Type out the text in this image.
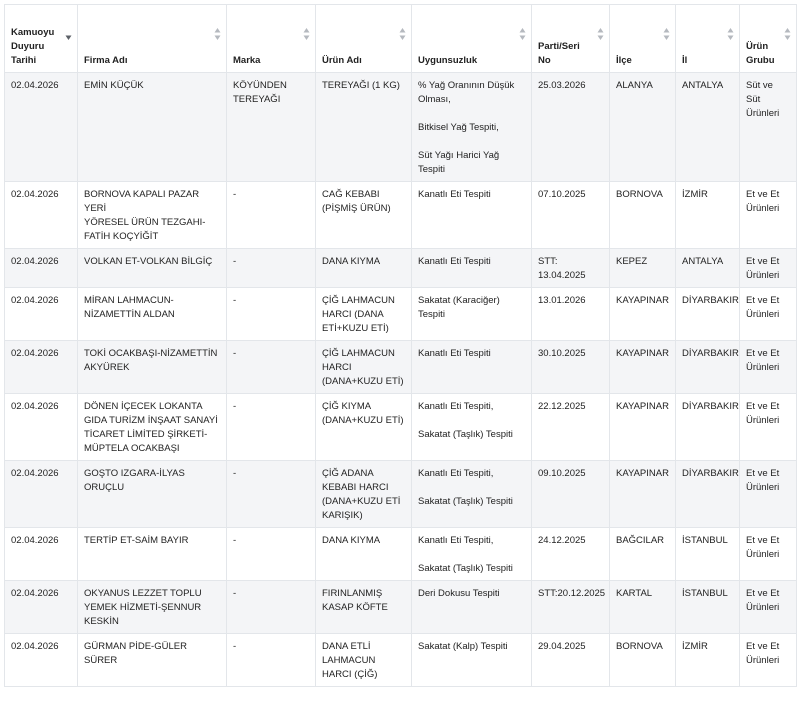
Kamuoyu
Duyuru
Tarihi	Firma Adı	Marka	Ürün Adı	Uygunsuzluk	Parti/Seri
No	İlçe	İl	Ürün
Grubu

02.04.2026	EMİN KÜÇÜK	KÖYÜNDEN
TEREYAĞI	TEREYAĞI (1 KG)	% Yağ Oranının Düşük
Olması,
Bitkisel Yağ Tespiti,
Süt Yağı Harici Yağ
Tespiti	25.03.2026	ALANYA	ANTALYA	Süt ve
Süt
Ürünleri

02.04.2026	BORNOVA KAPALI PAZAR YERİ
YÖRESEL ÜRÜN TEZGAHI-
FATİH KOÇYİĞİT	-	CAĞ KEBABI
(PİŞMİŞ ÜRÜN)	Kanatlı Eti Tespiti	07.10.2025	BORNOVA	İZMİR	Et ve Et
Ürünleri

02.04.2026	VOLKAN ET-VOLKAN BİLGİÇ	-	DANA KIYMA	Kanatlı Eti Tespiti	STT:
13.04.2025	KEPEZ	ANTALYA	Et ve Et
Ürünleri

02.04.2026	MİRAN LAHMACUN-
NİZAMETTİN ALDAN	-	ÇİĞ LAHMACUN
HARCI (DANA
ETİ+KUZU ETİ)	Sakatat (Karaciğer)
Tespiti	13.01.2026	KAYAPINAR	DİYARBAKIR	Et ve Et
Ürünleri

02.04.2026	TOKİ OCAKBAŞI-NİZAMETTİN
AKYÜREK	-	ÇİĞ LAHMACUN
HARCI
(DANA+KUZU ETİ)	Kanatlı Eti Tespiti	30.10.2025	KAYAPINAR	DİYARBAKIR	Et ve Et
Ürünleri

02.04.2026	DÖNEN İÇECEK LOKANTA
GIDA TURİZM İNŞAAT SANAYİ
TİCARET LİMİTED ŞİRKETİ-
MÜPTELA OCAKBAŞI	-	ÇİĞ KIYMA
(DANA+KUZU ETİ)	Kanatlı Eti Tespiti,
Sakatat (Taşlık) Tespiti	22.12.2025	KAYAPINAR	DİYARBAKIR	Et ve Et
Ürünleri

02.04.2026	GOŞTO IZGARA-İLYAS ORUÇLU	-	ÇİĞ ADANA
KEBABI HARCI
(DANA+KUZU ETİ
KARIŞIK)	Kanatlı Eti Tespiti,
Sakatat (Taşlık) Tespiti	09.10.2025	KAYAPINAR	DİYARBAKIR	Et ve Et
Ürünleri

02.04.2026	TERTİP ET-SAİM BAYIR	-	DANA KIYMA	Kanatlı Eti Tespiti,
Sakatat (Taşlık) Tespiti	24.12.2025	BAĞCILAR	İSTANBUL	Et ve Et
Ürünleri

02.04.2026	OKYANUS LEZZET TOPLU
YEMEK HİZMETİ-ŞENNUR
KESKİN	-	FIRINLANMIŞ
KASAP KÖFTE	Deri Dokusu Tespiti	STT:20.12.2025	KARTAL	İSTANBUL	Et ve Et
Ürünleri

02.04.2026	GÜRMAN PİDE-GÜLER SÜRER	-	DANA ETLİ
LAHMACUN
HARCI (ÇİĞ)	Sakatat (Kalp) Tespiti	29.04.2025	BORNOVA	İZMİR	Et ve Et
Ürünleri
